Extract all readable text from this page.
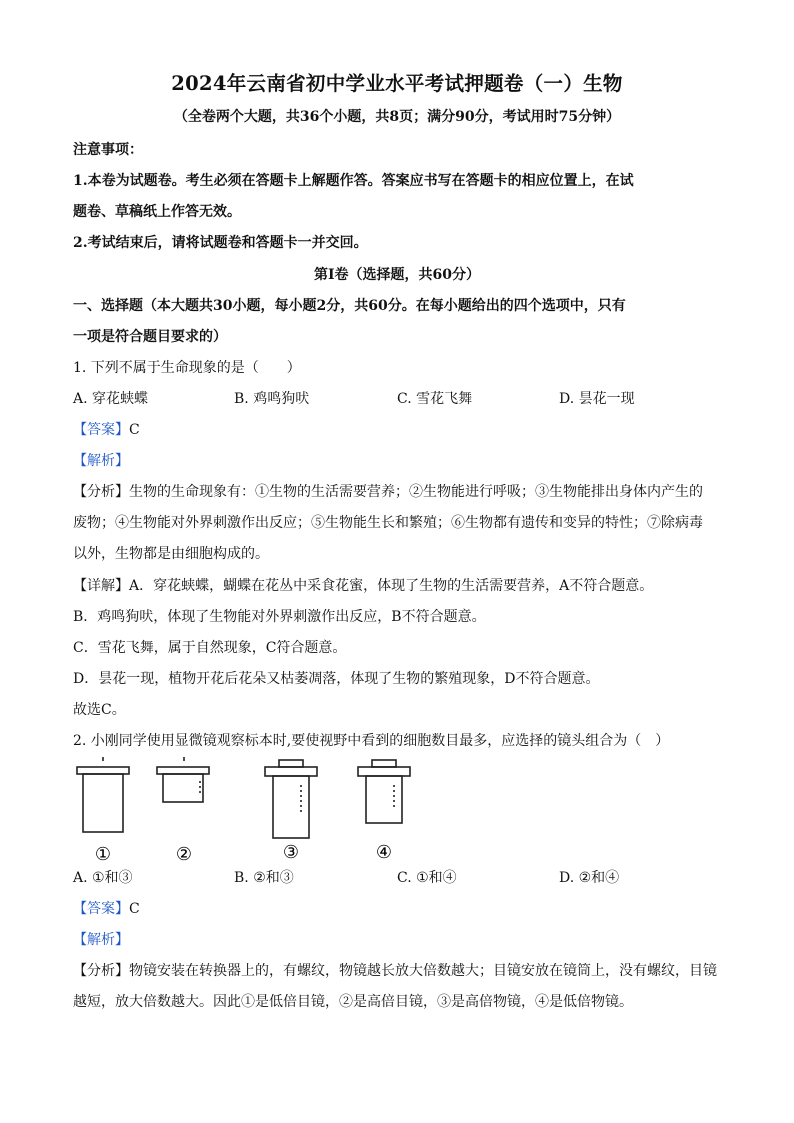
2024年云南省初中学业水平考试押题卷（一）生物
（全卷两个大题，共36个小题，共8页；满分90分，考试用时75分钟）
注意事项：
1.本卷为试题卷。考生必须在答题卡上解题作答。答案应书写在答题卡的相应位置上，在试
题卷、草稿纸上作答无效。
2.考试结束后，请将试题卷和答题卡一并交回。
第Ⅰ卷（选择题，共60分）
一、选择题（本大题共30小题，每小题2分，共60分。在每小题给出的四个选项中，只有
一项是符合题目要求的）
1. 下列不属于生命现象的是（　　）
A. 穿花蛱蝶	B. 鸡鸣狗吠	C. 雪花飞舞	D. 昙花一现
【答案】C
【解析】
【分析】生物的生命现象有：①生物的生活需要营养；②生物能进行呼吸；③生物能排出身体内产生的
废物；④生物能对外界刺激作出反应；⑤生物能生长和繁殖；⑥生物都有遗传和变异的特性；⑦除病毒
以外，生物都是由细胞构成的。
【详解】A．穿花蛱蝶，蝴蝶在花丛中采食花蜜，体现了生物的生活需要营养，A不符合题意。
B．鸡鸣狗吠，体现了生物能对外界刺激作出反应，B不符合题意。
C．雪花飞舞，属于自然现象，C符合题意。
D．昙花一现，植物开花后花朵又枯萎凋落，体现了生物的繁殖现象，D不符合题意。
故选C。
2. 小刚同学使用显微镜观察标本时,要使视野中看到的细胞数目最多，应选择的镜头组合为（　）
①	②	③	④
A. ①和③	B. ②和③	C. ①和④	D. ②和④
【答案】C
【解析】
【分析】物镜安装在转换器上的，有螺纹，物镜越长放大倍数越大；目镜安放在镜筒上，没有螺纹，目镜
越短，放大倍数越大。因此①是低倍目镜，②是高倍目镜，③是高倍物镜，④是低倍物镜。
